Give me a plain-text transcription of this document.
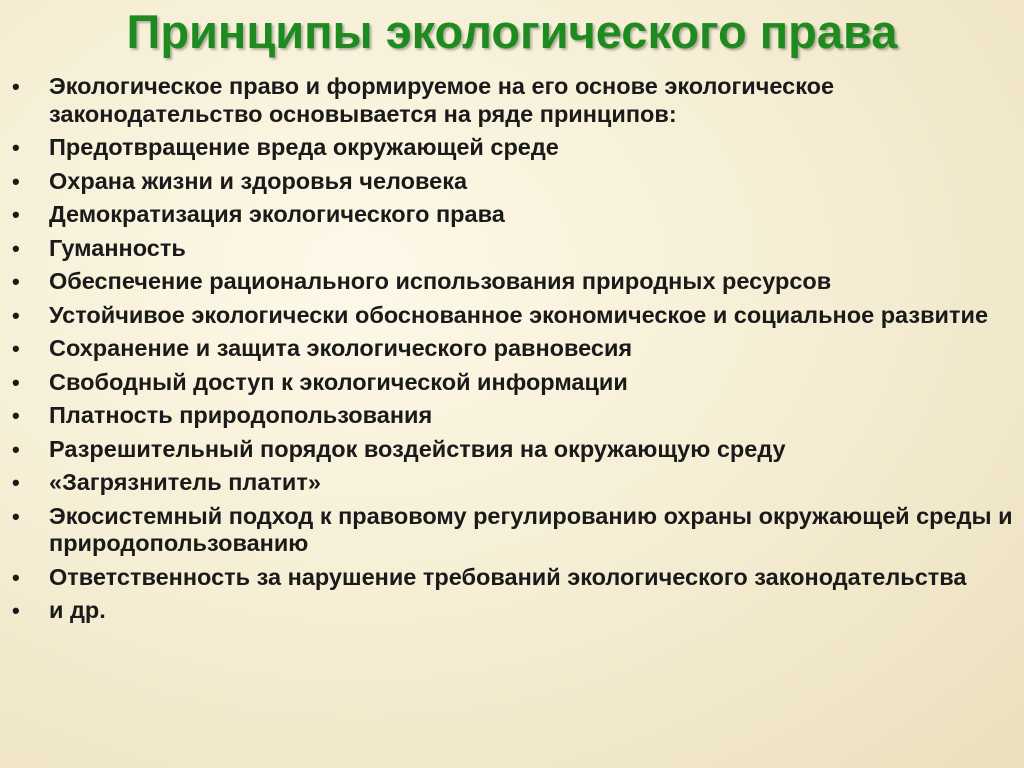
Принципы экологического права
•	Экологическое право и формируемое на его основе экологическое законодательство основывается на ряде принципов:
•	Предотвращение вреда окружающей среде
•	Охрана жизни и здоровья человека
•	Демократизация экологического права
•	Гуманность
•	Обеспечение рационального использования природных ресурсов
•	Устойчивое экологически обоснованное экономическое и социальное развитие
•	Сохранение и защита экологического равновесия
•	Свободный доступ к экологической информации
•	Платность природопользования
•	Разрешительный порядок воздействия на окружающую среду
•	«Загрязнитель платит»
•	Экосистемный подход к правовому регулированию охраны окружающей среды и природопользованию
•	Ответственность за нарушение требований экологического законодательства
•	и др.
